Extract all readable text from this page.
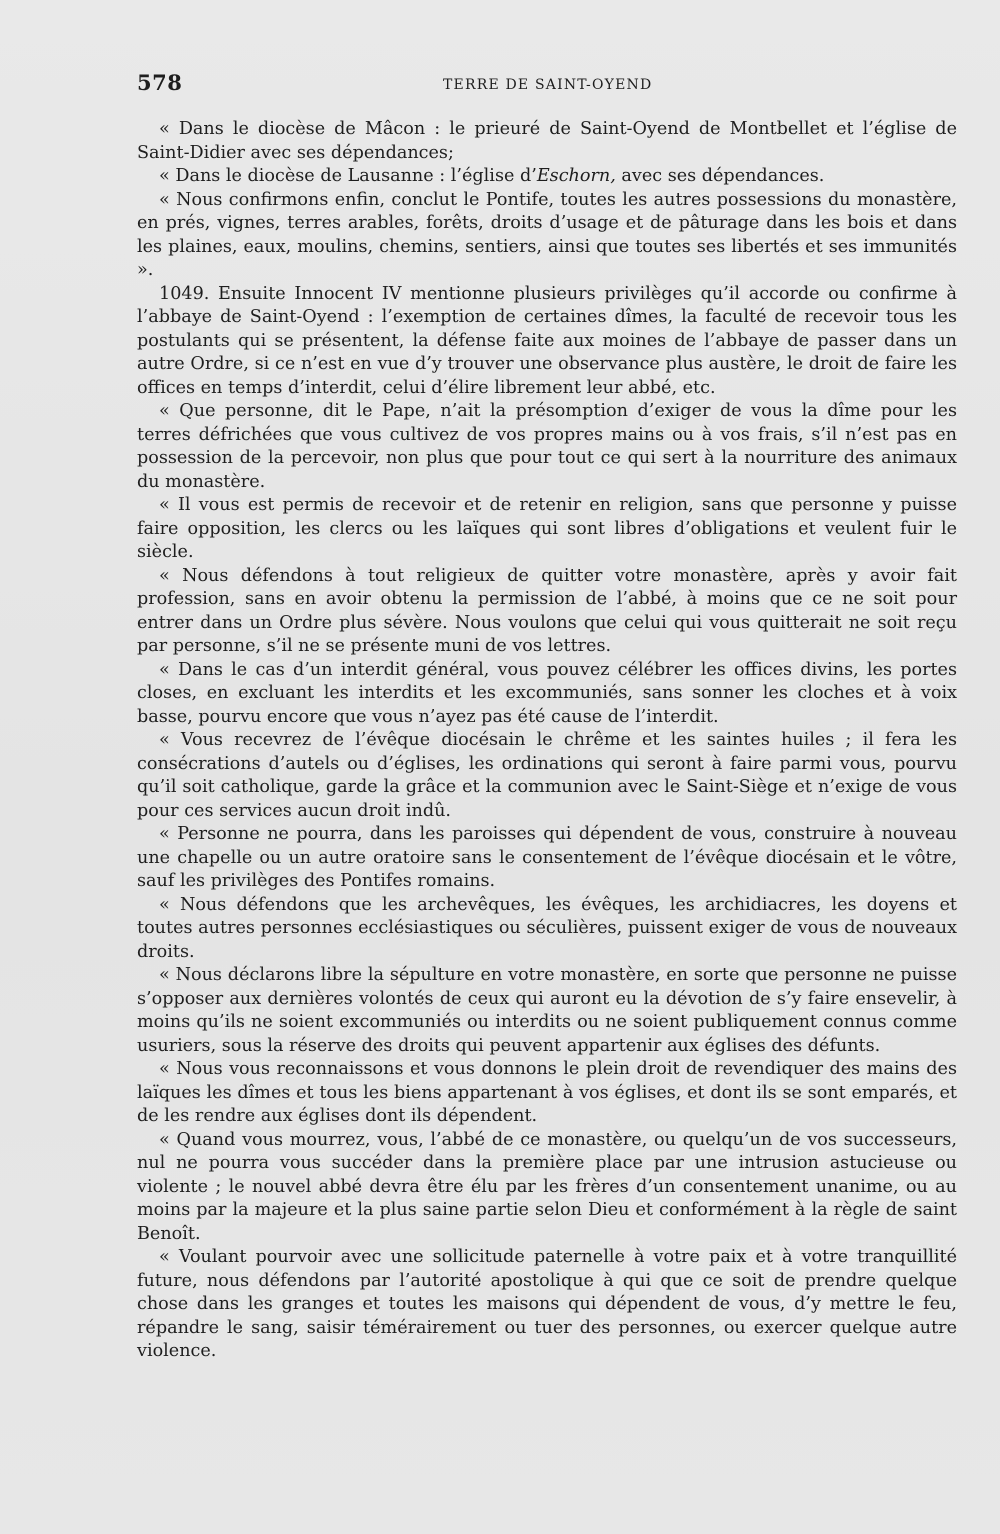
578	TERRE DE SAINT-OYEND

« Dans le diocèse de Mâcon : le prieuré de Saint-Oyend de Montbellet et l’église de Saint-Didier avec ses dépendances;

« Dans le diocèse de Lausanne : l’église d’Eschorn, avec ses dépendances.

« Nous confirmons enfin, conclut le Pontife, toutes les autres possessions du monastère, en prés, vignes, terres arables, forêts, droits d’usage et de pâturage dans les bois et dans les plaines, eaux, moulins, chemins, sentiers, ainsi que toutes ses libertés et ses immunités ».

1049. Ensuite Innocent IV mentionne plusieurs privilèges qu’il accorde ou confirme à l’abbaye de Saint-Oyend : l’exemption de certaines dîmes, la faculté de recevoir tous les postulants qui se présentent, la défense faite aux moines de l’abbaye de passer dans un autre Ordre, si ce n’est en vue d’y trouver une observance plus austère, le droit de faire les offices en temps d’interdit, celui d’élire librement leur abbé, etc.

« Que personne, dit le Pape, n’ait la présomption d’exiger de vous la dîme pour les terres défrichées que vous cultivez de vos propres mains ou à vos frais, s’il n’est pas en possession de la percevoir, non plus que pour tout ce qui sert à la nourriture des animaux du monastère.

« Il vous est permis de recevoir et de retenir en religion, sans que personne y puisse faire opposition, les clercs ou les laïques qui sont libres d’obligations et veulent fuir le siècle.

« Nous défendons à tout religieux de quitter votre monastère, après y avoir fait profession, sans en avoir obtenu la permission de l’abbé, à moins que ce ne soit pour entrer dans un Ordre plus sévère. Nous voulons que celui qui vous quitterait ne soit reçu par personne, s’il ne se présente muni de vos lettres.

« Dans le cas d’un interdit général, vous pouvez célébrer les offices divins, les portes closes, en excluant les interdits et les excommuniés, sans sonner les cloches et à voix basse, pourvu encore que vous n’ayez pas été cause de l’interdit.

« Vous recevrez de l’évêque diocésain le chrême et les saintes huiles ; il fera les consécrations d’autels ou d’églises, les ordinations qui seront à faire parmi vous, pourvu qu’il soit catholique, garde la grâce et la communion avec le Saint-Siège et n’exige de vous pour ces services aucun droit indû.

« Personne ne pourra, dans les paroisses qui dépendent de vous, construire à nouveau une chapelle ou un autre oratoire sans le consentement de l’évêque diocésain et le vôtre, sauf les privilèges des Pontifes romains.

« Nous défendons que les archevêques, les évêques, les archidiacres, les doyens et toutes autres personnes ecclésiastiques ou séculières, puissent exiger de vous de nouveaux droits.

« Nous déclarons libre la sépulture en votre monastère, en sorte que personne ne puisse s’opposer aux dernières volontés de ceux qui auront eu la dévotion de s’y faire ensevelir, à moins qu’ils ne soient excommuniés ou interdits ou ne soient publiquement connus comme usuriers, sous la réserve des droits qui peuvent appartenir aux églises des défunts.

« Nous vous reconnaissons et vous donnons le plein droit de revendiquer des mains des laïques les dîmes et tous les biens appartenant à vos églises, et dont ils se sont emparés, et de les rendre aux églises dont ils dépendent.

« Quand vous mourrez, vous, l’abbé de ce monastère, ou quelqu’un de vos successeurs, nul ne pourra vous succéder dans la première place par une intrusion astucieuse ou violente ; le nouvel abbé devra être élu par les frères d’un consentement unanime, ou au moins par la majeure et la plus saine partie selon Dieu et conformément à la règle de saint Benoît.

« Voulant pourvoir avec une sollicitude paternelle à votre paix et à votre tranquillité future, nous défendons par l’autorité apostolique à qui que ce soit de prendre quelque chose dans les granges et toutes les maisons qui dépendent de vous, d’y mettre le feu, répandre le sang, saisir témérairement ou tuer des personnes, ou exercer quelque autre violence.
